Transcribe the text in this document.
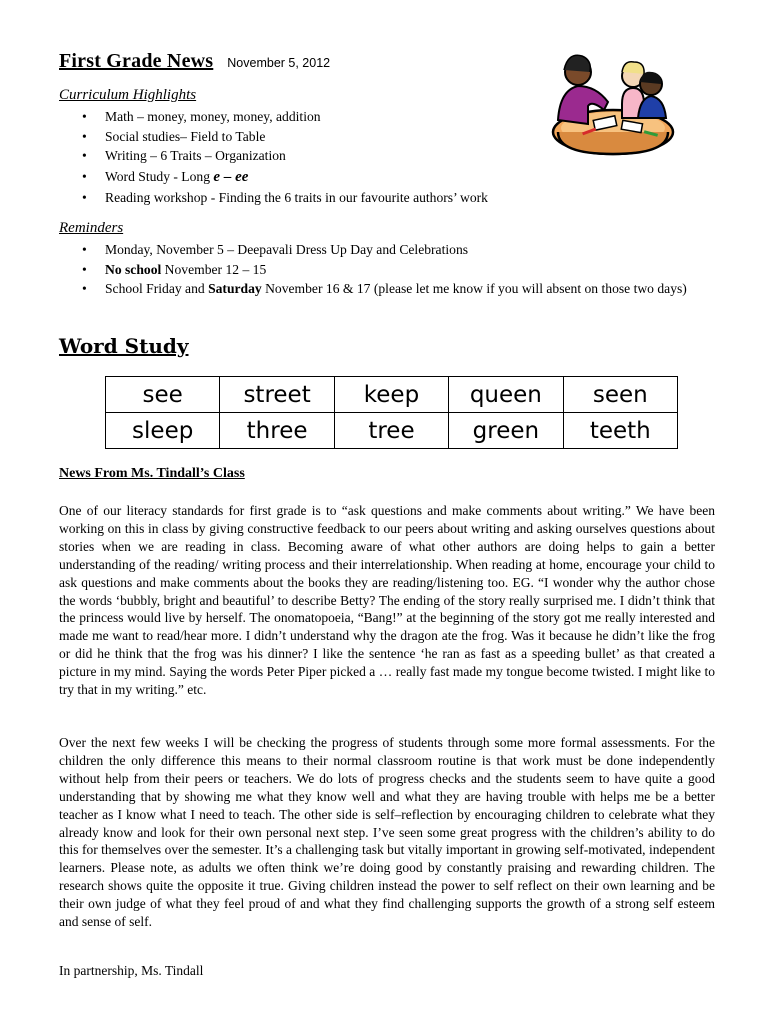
First Grade News November 5, 2012
Curriculum Highlights
• Math – money, money, money, addition
• Social studies– Field to Table
• Writing – 6 Traits – Organization
• Word Study - Long e – ee
• Reading workshop - Finding the 6 traits in our favourite authors’ work
Reminders
• Monday, November 5 – Deepavali Dress Up Day and Celebrations
• No school November 12 – 15
• School Friday and Saturday November 16 & 17 (please let me know if you will absent on those two days)
Word Study
see	street	keep	queen	seen
sleep	three	tree	green	teeth
News From Ms. Tindall’s Class

One of our literacy standards for first grade is to “ask questions and make comments about writing.” We have been working on this in class by giving constructive feedback to our peers about writing and asking ourselves questions about stories when we are reading in class. Becoming aware of what other authors are doing helps to gain a better understanding of the reading/ writing process and their interrelationship. When reading at home, encourage your child to ask questions and make comments about the books they are reading/listening too. EG. “I wonder why the author chose the words ‘bubbly, bright and beautiful’ to describe Betty? The ending of the story really surprised me. I didn’t think that the princess would live by herself. The onomatopoeia, “Bang!” at the beginning of the story got me really interested and made me want to read/hear more. I didn’t understand why the dragon ate the frog. Was it because he didn’t like the frog or did he think that the frog was his dinner? I like the sentence ‘he ran as fast as a speeding bullet’ as that created a picture in my mind. Saying the words Peter Piper picked a … really fast made my tongue become twisted. I might like to try that in my writing.” etc.

Over the next few weeks I will be checking the progress of students through some more formal assessments. For the children the only difference this means to their normal classroom routine is that work must be done independently without help from their peers or teachers. We do lots of progress checks and the students seem to have quite a good understanding that by showing me what they know well and what they are having trouble with helps me be a better teacher as I know what I need to teach. The other side is self–reflection by encouraging children to celebrate what they already know and look for their own personal next step. I’ve seen some great progress with the children’s ability to do this for themselves over the semester. It’s a challenging task but vitally important in growing self-motivated, independent learners. Please note, as adults we often think we’re doing good by constantly praising and rewarding children. The research shows quite the opposite it true. Giving children instead the power to self reflect on their own learning and be their own judge of what they feel proud of and what they find challenging supports the growth of a strong self esteem and sense of self.

In partnership, Ms. Tindall
